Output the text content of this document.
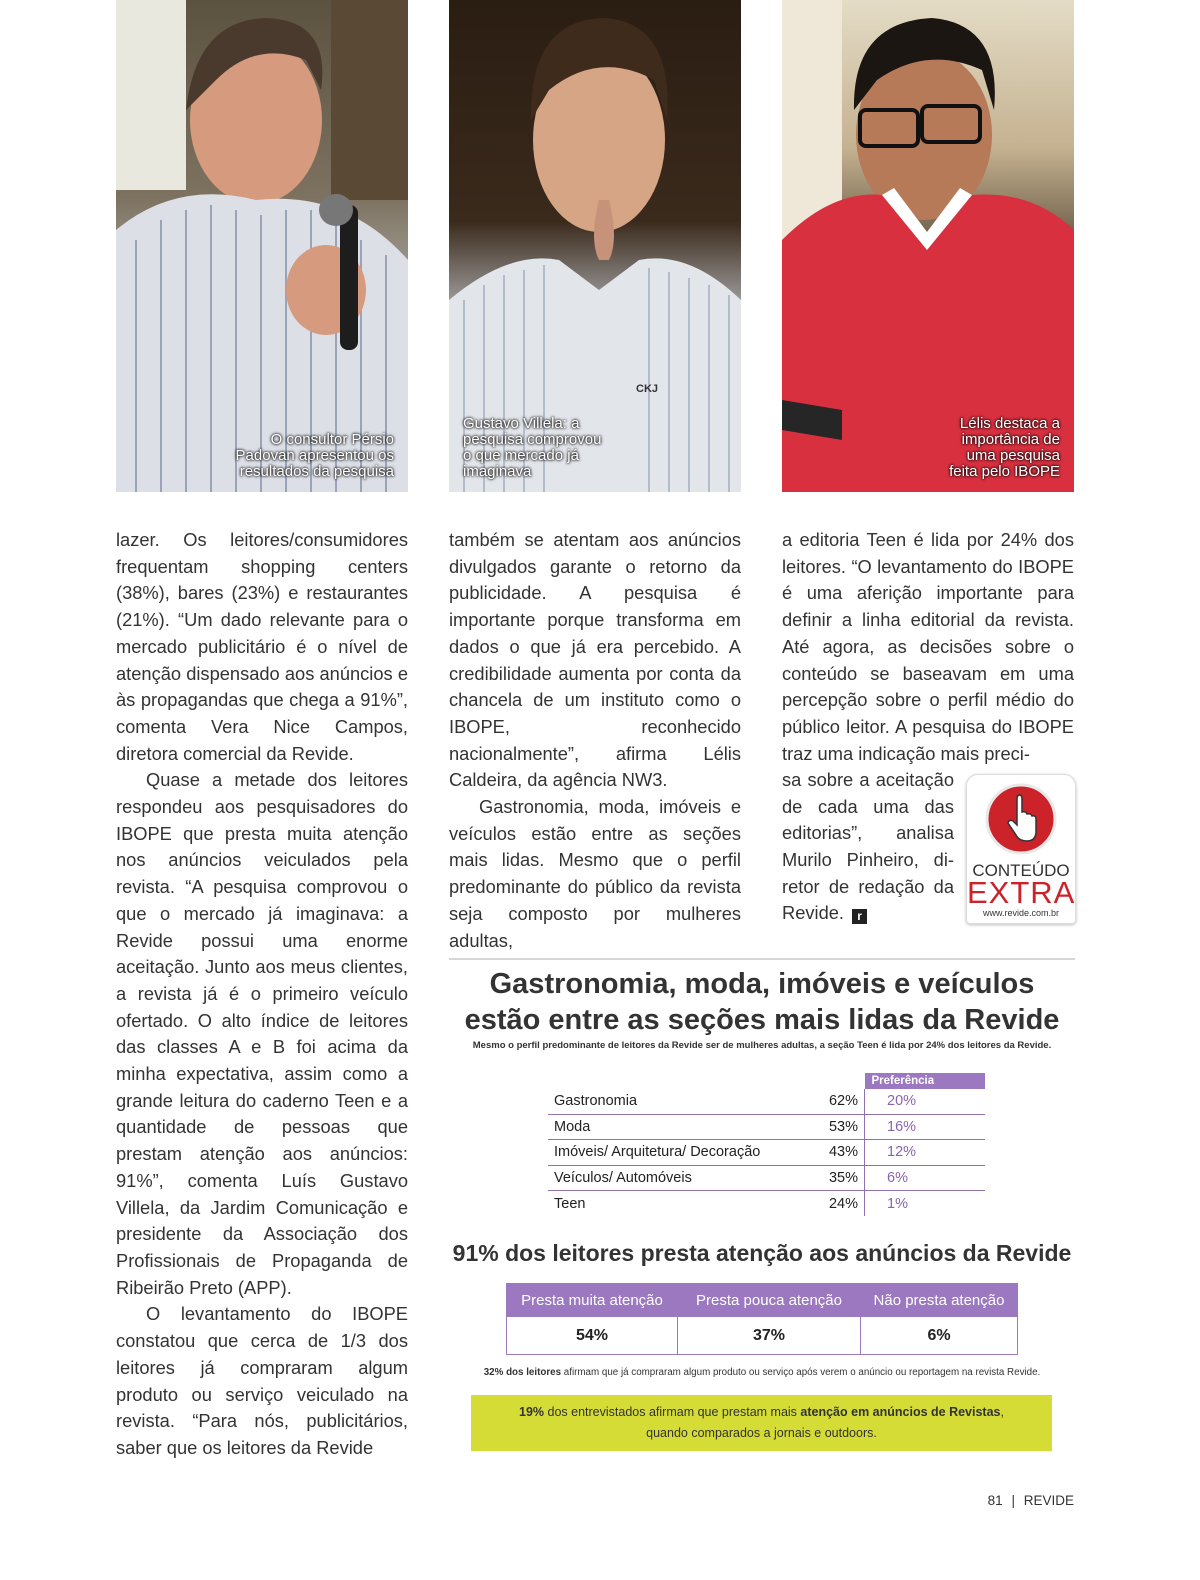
O consultor Pérsio
Padovan apresentou os
resultados da pesquisa
CKJ
Gustavo Villela: a
pesquisa comprovou
o que mercado já
imaginava
Lélis destaca a
importância de
uma pesquisa
feita pelo IBOPE

lazer. Os leitores/consumidores frequentam shopping centers (38%), bares (23%) e restaurantes (21%). “Um dado relevante para o mercado publicitário é o nível de atenção dispensado aos anúncios e às propagandas que chega a 91%”, comenta Vera Nice Campos, diretora comercial da Revide.

Quase a metade dos leitores respondeu aos pesquisadores do IBOPE que presta muita atenção nos anúncios veiculados pela revista. “A pesquisa comprovou o que o mercado já imaginava: a Revide possui uma enorme aceitação. Junto aos meus clientes, a revista já é o primeiro veículo ofertado. O alto índice de leitores das classes A e B foi acima da minha expectativa, assim como a grande leitura do caderno Teen e a quantidade de pessoas que prestam atenção aos anúncios: 91%”, comenta Luís Gustavo Villela, da Jardim Comunicação e presidente da Associação dos Profissionais de Propaganda de Ribeirão Preto (APP).

O levantamento do IBOPE constatou que cerca de 1/3 dos leitores já compraram algum produto ou serviço veiculado na revista. “Para nós, publicitários, saber que os leitores da Revide

também se atentam aos anúncios divulgados garante o retorno da publicidade. A pesquisa é importante porque transforma em dados o que já era percebido. A credibilidade aumenta por conta da chancela de um instituto como o IBOPE, reconhecido nacionalmente”, afirma Lélis Caldeira, da agência NW3.

Gastronomia, moda, imóveis e veículos estão entre as seções mais lidas. Mesmo que o perfil predominante do público da revista seja composto por mulheres adultas,

a editoria Teen é lida por 24% dos leitores. “O levantamento do IBOPE é uma aferição importante para definir a linha editorial da revista. Até agora, as decisões sobre o conteúdo se baseavam em uma percepção sobre o perfil médio do público leitor. A pesquisa do IBOPE traz uma indicação mais preci-

sa sobre a aceitação
de cada uma das
editorias”, analisa
Murilo Pinheiro, di-
retor de redação da
Revide. r
CONTEÚDO
EXTRA
www.revide.com.br
Gastronomia, moda, imóveis e veículos
estão entre as seções mais lidas da Revide
Mesmo o perfil predominante de leitores da Revide ser de mulheres adultas, a seção Teen é lida por 24% dos leitores da Revide.

		Preferência

Gastronomia	62%	20%
Moda	53%	16%
Imóveis/ Arquitetura/ Decoração	43%	12%
Veículos/ Automóveis	35%	6%
Teen	24%	1%
91% dos leitores presta atenção aos anúncios da Revide
Presta muita atenção	Presta pouca atenção	Não presta atenção
54%	37%	6%
32% dos leitores afirmam que já compraram algum produto ou serviço após verem o anúncio ou reportagem na revista Revide.
19% dos entrevistados afirmam que prestam mais atenção em anúncios de Revistas,
quando comparados a jornais e outdoors.
81 | REVIDE
